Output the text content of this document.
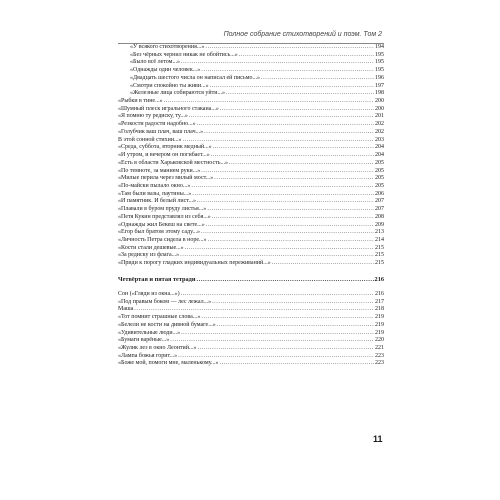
Полное собрание стихотворений и поэм. Том 2
«У всякого стихотворения...» .....	194
«Без чёрных чернил никак не обойтись...» .....	195
«Было всё летом...» .....	195
«Однажды один человек...» .....	195
«Двадцать шестого числа он написал ей письмо...» .....	196
«Смотри спокойно ты живи...» .....	197
«Железные лица собираются уйти...» .....	198
«Рыбки в тине...» .....	200
«Шумный плеск игрального стакана...» .....	200
«Я помню ту редиску, ту...» .....	201
«Резкости радости надобно...» .....	202
«Голубчик ваш плач, ваш плач...» .....	202
В этой сонной стихии...» .....	203
«Среда, суббота, вторник медный...» .....	204
«И утром, и вечером он погибает...» .....	204
«Есть в области Харьковской местность...» .....	205
«По темноте, за манием руки...» .....	205
«Милые перила через милый мост...» .....	205
«По-майски пылало окно...» .....	205
«Там были вазы, паутины...» .....	206
«И памятник. И белый лист...» .....	207
«Плавали в буром пруду листья...» .....	207
«Петя Кукин представлял из себя...» .....	208
«Однажды жил Бекеш на свете...» .....	209
«Егор был братом этому саду...» .....	213
«Личность Петра сидела в норе...» .....	214
«Кости стали дешевые...» .....	215
«За редиску из флага...» .....	215
«Приди к порогу гладких индивидуальных переживаний...» .....	215
Четвёртая и пятая тетради .....	216
Сон («Гляди из окна...») .....	216
«Под правым боком — лес лежал...» .....	217
Маша .....	218
«Тот помнит страшные слова...» .....	219
«Белели не кости на дивной бумаге...» .....	219
«Удивительные люди...» .....	219
«Бумаги варёные...» .....	220
«Жулик лез в окно Леонтий...» .....	221
«Лампа божья горит...» .....	223
«Боже мой, помоги мне, маленькому...» .....	223
11
